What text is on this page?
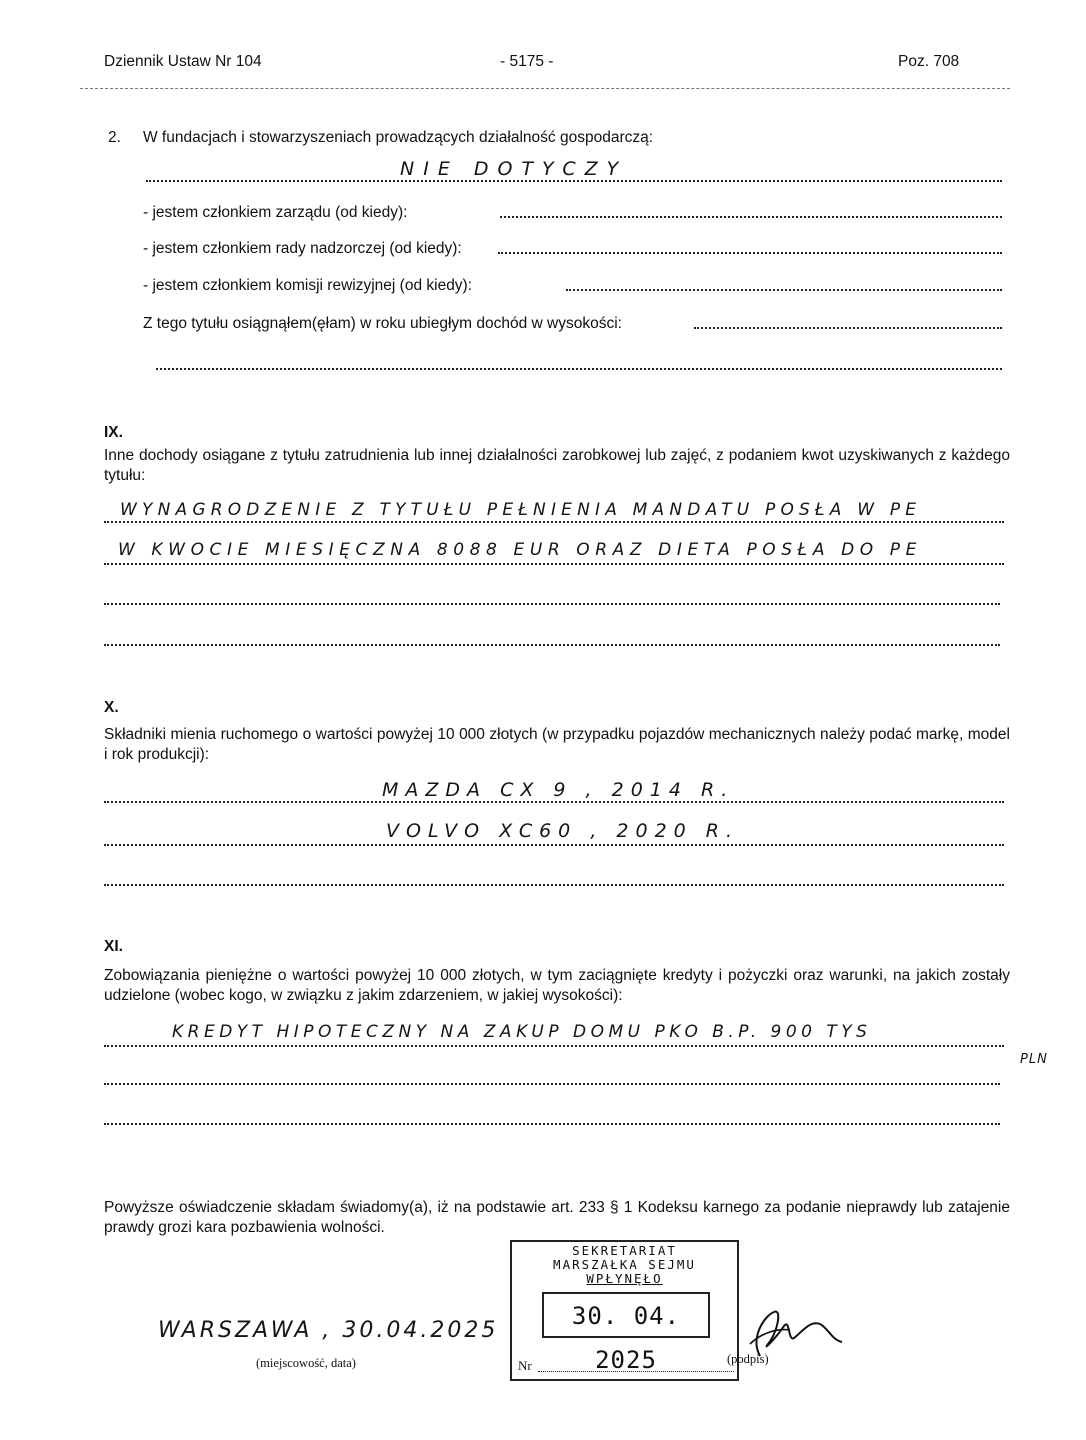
Dziennik Ustaw Nr 104	- 5175 -	Poz. 708
2. W fundacjach i stowarzyszeniach prowadzących działalność gospodarczą:
NIE DOTYCZY
- jestem członkiem zarządu (od kiedy):
- jestem członkiem rady nadzorczej (od kiedy):
- jestem członkiem komisji rewizyjnej (od kiedy):
Z tego tytułu osiągnąłem(ęłam) w roku ubiegłym dochód w wysokości:
IX.
Inne dochody osiągane z tytułu zatrudnienia lub innej działalności zarobkowej lub zajęć, z podaniem kwot uzyskiwanych z każdego tytułu:
WYNAGRODZENIE Z TYTUŁU PEŁNIENIA MANDATU POSŁA W PE
W KWOCIE MIESIĘCZNA 8088 EUR ORAZ DIETA POSŁA DO PE
X.
Składniki mienia ruchomego o wartości powyżej 10 000 złotych (w przypadku pojazdów mechanicznych należy podać markę, model i rok produkcji):
MAZDA CX 9 , 2014 R.
VOLVO XC60 , 2020 R.
XI.
Zobowiązania pieniężne o wartości powyżej 10 000 złotych, w tym zaciągnięte kredyty i pożyczki oraz warunki, na jakich zostały udzielone (wobec kogo, w związku z jakim zdarzeniem, w jakiej wysokości):
KREDYT HIPOTECZNY NA ZAKUP DOMU PKO B.P. 900 TYS
PLN
Powyższe oświadczenie składam świadomy(a), iż na podstawie art. 233 § 1 Kodeksu karnego za podanie nieprawdy lub zatajenie prawdy grozi kara pozbawienia wolności.
WARSZAWA , 30.04.2025
(miejscowość, data)
SEKRETARIAT
MARSZAŁKA SEJMU
WPŁYNĘŁO
30. 04. 2025
Nr	(podpis)
